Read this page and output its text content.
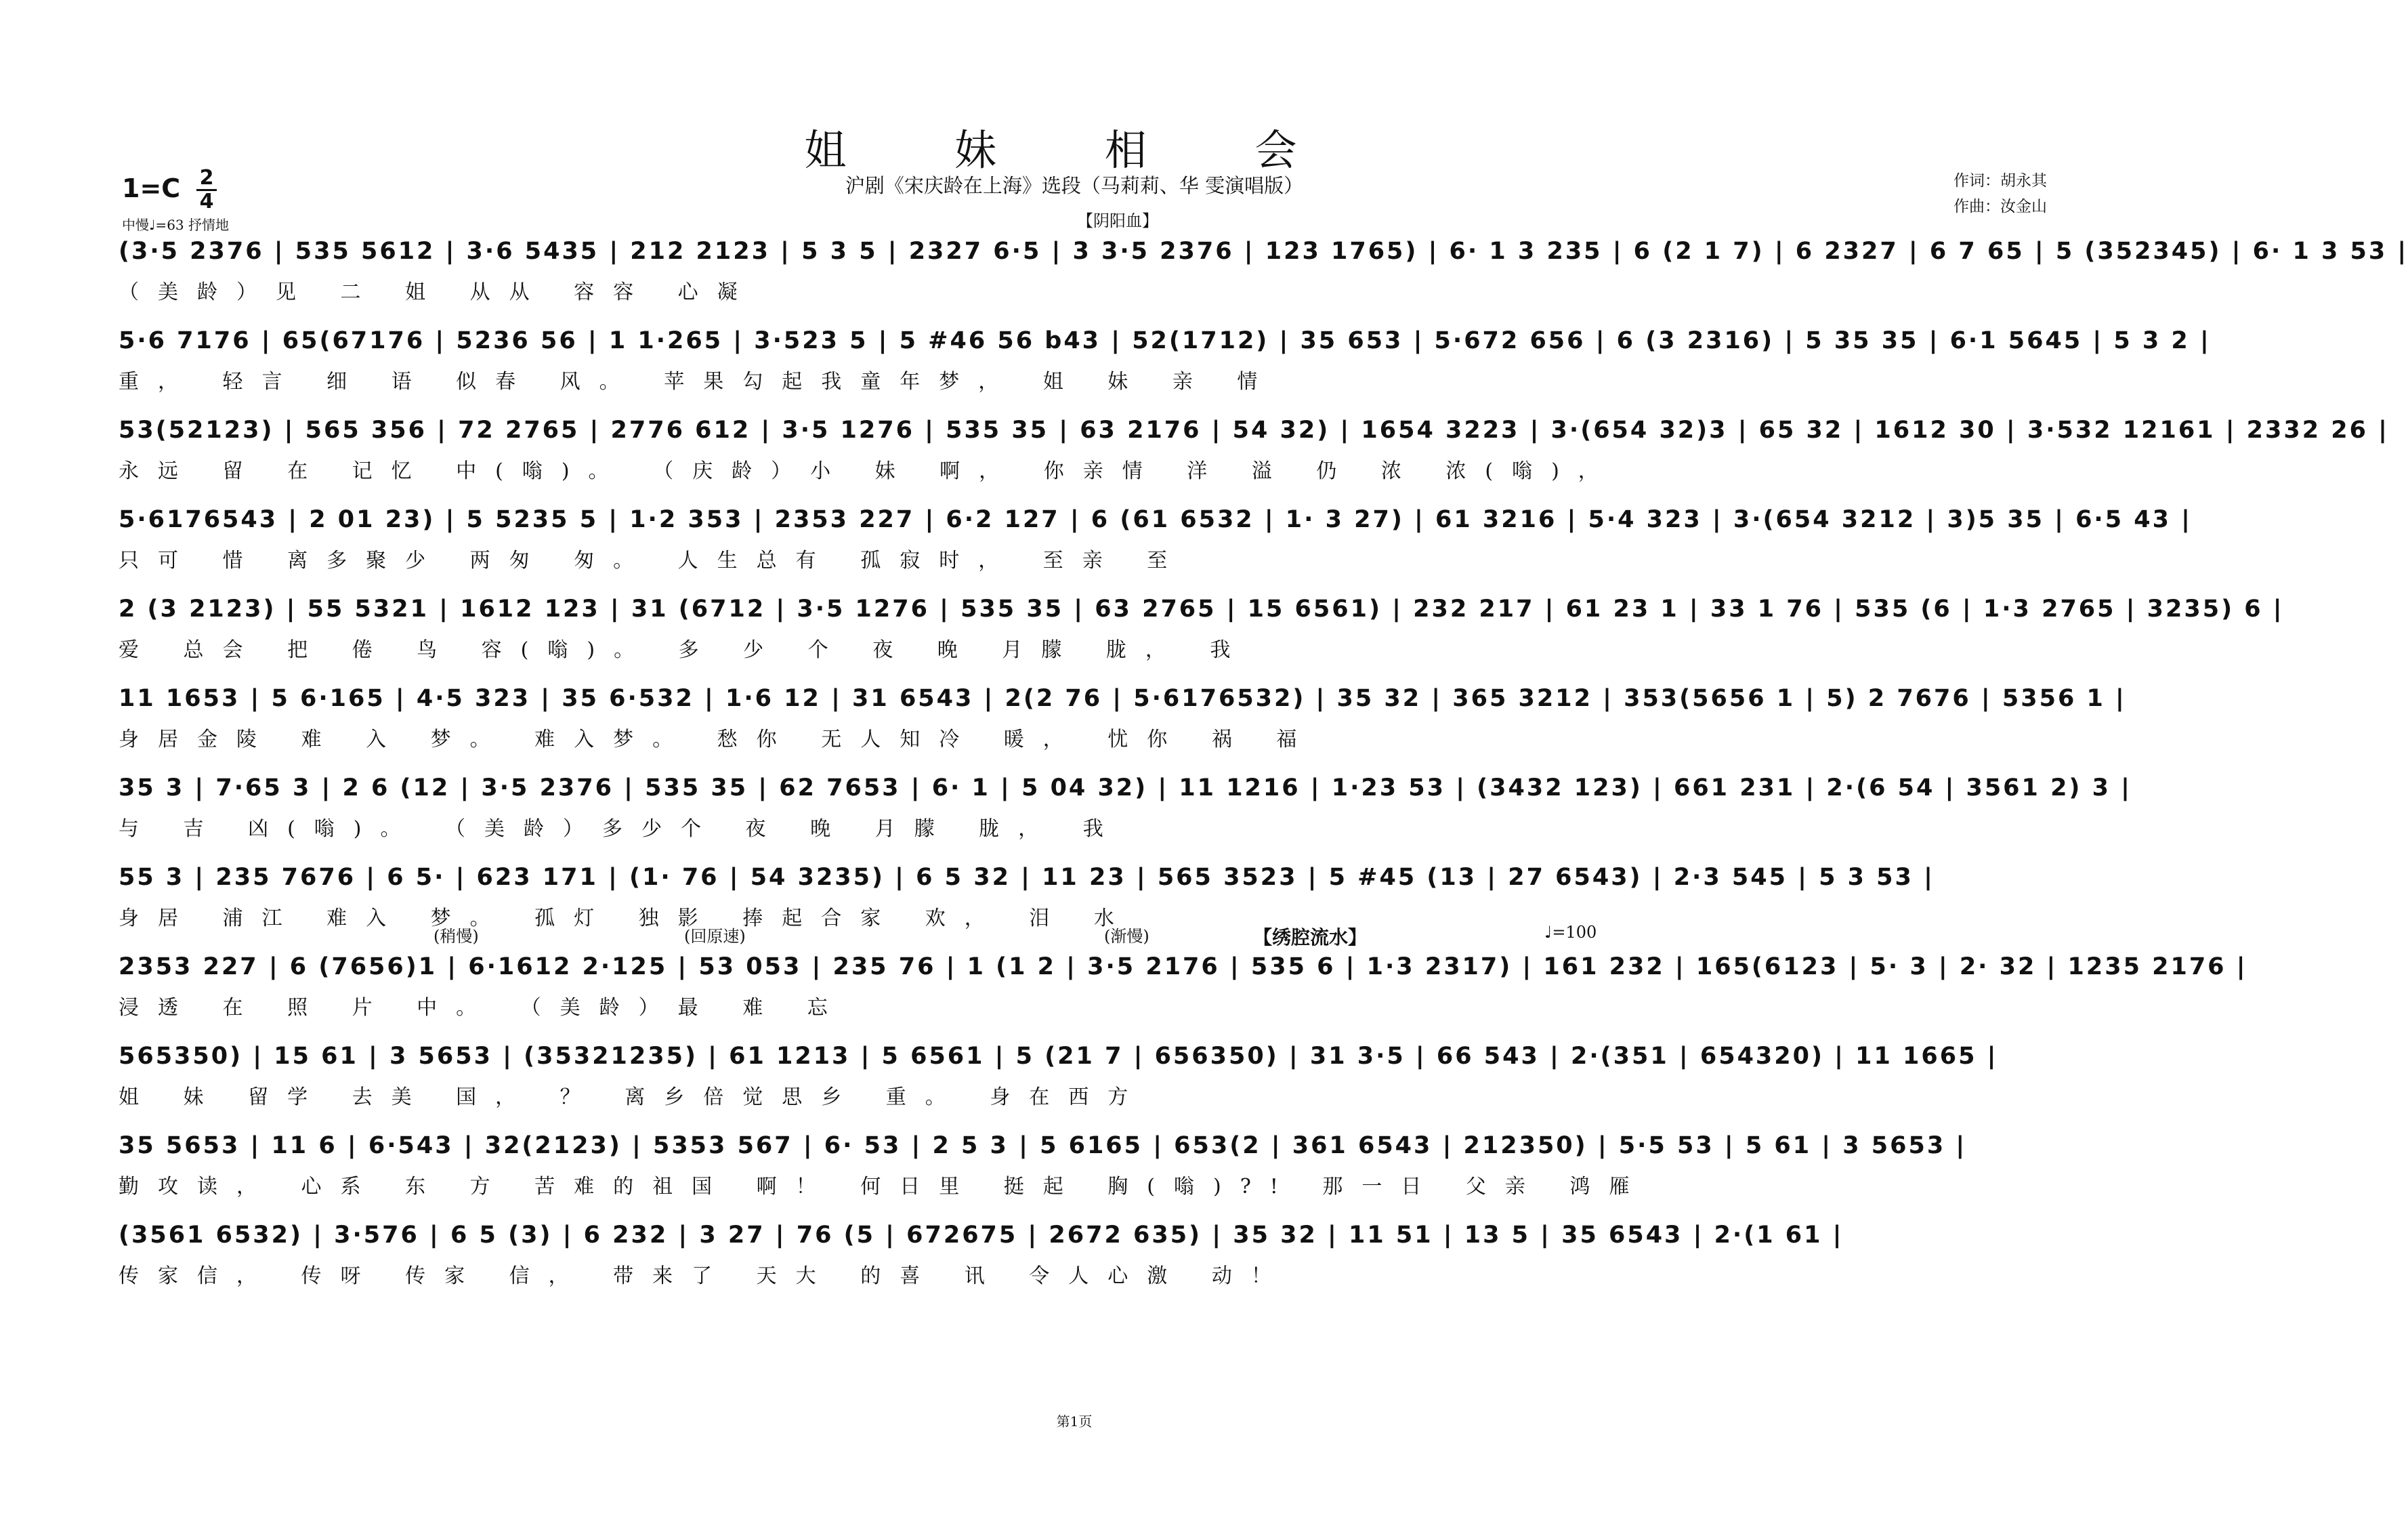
姐 妹 相 会
沪剧《宋庆龄在上海》选段（马莉莉、华 雯演唱版）
1=C 2
4
中慢♩=63 抒情地
作词：胡永其
作曲：汝金山
(3·5 2376 | 535 5612 | 3·6 5435 | 212 2123 | 5 3 5 | 2327 6·5 | 3 3·5 2376 | 123 1765) | 6· 1 3 235 | 6 (2 1 7) | 6 2327 | 6 7 65 | 5 (352345) | 6· 1 3 53 |
（美龄）见 二 姐 从从 容容 心凝
【阴阳血】
5·6 7176 | 65(67176 | 5236 56 | 1 1·265 | 3·523 5 | 5 #46 56 b43 | 52(1712) | 35 653 | 5·672 656 | 6 (3 2316) | 5 35 35 | 6·1 5645 | 5 3 2 |
重， 轻言 细 语 似春 风。 苹果勾起我童年梦， 姐 妹 亲 情
53(52123) | 565 356 | 72 2765 | 2776 612 | 3·5 1276 | 535 35 | 63 2176 | 54 32) | 1654 3223 | 3·(654 32)3 | 65 32 | 1612 30 | 3·532 12161 | 2332 26 |
永远 留 在 记忆 中(嗡)。 （庆龄）小 妹 啊， 你亲情 洋 溢 仍 浓 浓(嗡)，
5·6176543 | 2 01 23) | 5 5235 5 | 1·2 353 | 2353 227 | 6·2 127 | 6 (61 6532 | 1· 3 27) | 61 3216 | 5·4 323 | 3·(654 3212 | 3)5 35 | 6·5 43 |
只可 惜 离多聚少 两匆 匆。 人生总有 孤寂时， 至亲 至
2 (3 2123) | 55 5321 | 1612 123 | 31 (6712 | 3·5 1276 | 535 35 | 63 2765 | 15 6561) | 232 217 | 61 23 1 | 33 1 76 | 535 (6 | 1·3 2765 | 3235) 6 |
爱 总会 把 倦 鸟 容(嗡)。 多 少 个 夜 晚 月朦 胧， 我
11 1653 | 5 6·165 | 4·5 323 | 35 6·532 | 1·6 12 | 31 6543 | 2(2 76 | 5·6176532) | 35 32 | 365 3212 | 353(5656 1 | 5) 2 7676 | 5356 1 |
身居金陵 难 入 梦。 难入梦。 愁你 无人知冷 暖， 忧你 祸 福
35 3 | 7·65 3 | 2 6 (12 | 3·5 2376 | 535 35 | 62 7653 | 6· 1 | 5 04 32) | 11 1216 | 1·23 53 | (3432 123) | 661 231 | 2·(6 54 | 3561 2) 3 |
与 吉 凶(嗡)。 （美龄）多少个 夜 晚 月朦 胧， 我
55 3 | 235 7676 | 6 5· | 623 171 | (1· 76 | 54 3235) | 6 5 32 | 11 23 | 565 3523 | 5 #45 (13 | 27 6543) | 2·3 545 | 5 3 53 |
身居 浦江 难入 梦。 孤灯 独影 捧起合家 欢， 泪 水
2353 227 | 6 (7656)1 | 6·1612 2·125 | 53 053 | 235 76 | 1 (1 2 | 3·5 2176 | 535 6 | 1·3 2317) | 161 232 | 165(6123 | 5· 3 | 2· 32 | 1235 2176 |
浸透 在 照 片 中。 （美龄）最 难 忘
(稍慢)	(回原速)	(渐慢)	【绣腔流水】	♩=100
565350) | 15 61 | 3 5653 | (35321235) | 61 1213 | 5 6561 | 5 (21 7 | 656350) | 31 3·5 | 66 543 | 2·(351 | 654320) | 11 1665 |
姐 妹 留学 去美 国， ？ 离乡倍觉思乡 重。 身在西方
35 5653 | 11 6 | 6·543 | 32(2123) | 5353 567 | 6· 53 | 2 5 3 | 5 6165 | 653(2 | 361 6543 | 212350) | 5·5 53 | 5 61 | 3 5653 |
勤攻读， 心系 东 方 苦难的祖国 啊！ 何日里 挺起 胸(嗡)?! 那一日 父亲 鸿雁
(3561 6532) | 3·576 | 6 5 (3) | 6 232 | 3 27 | 76 (5 | 672675 | 2672 635) | 35 32 | 11 51 | 13 5 | 35 6543 | 2·(1 61 |
传家信， 传呀 传家 信， 带来了 天大 的喜 讯 令人心激 动！
第1页
